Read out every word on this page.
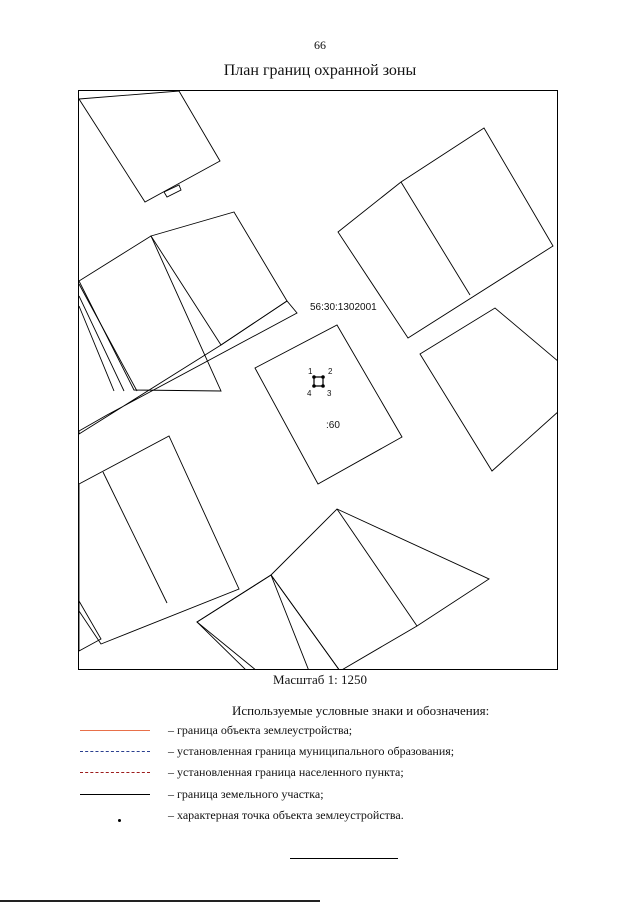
66
План границ охранной зоны
56:30:1302001
1 2
3
4
:60
Масштаб 1: 1250
Используемые условные знаки и обозначения:
– граница объекта землеустройства;
– установленная граница муниципального образования;
– установленная граница населенного пункта;
– граница земельного участка;
– характерная точка объекта землеустройства.
